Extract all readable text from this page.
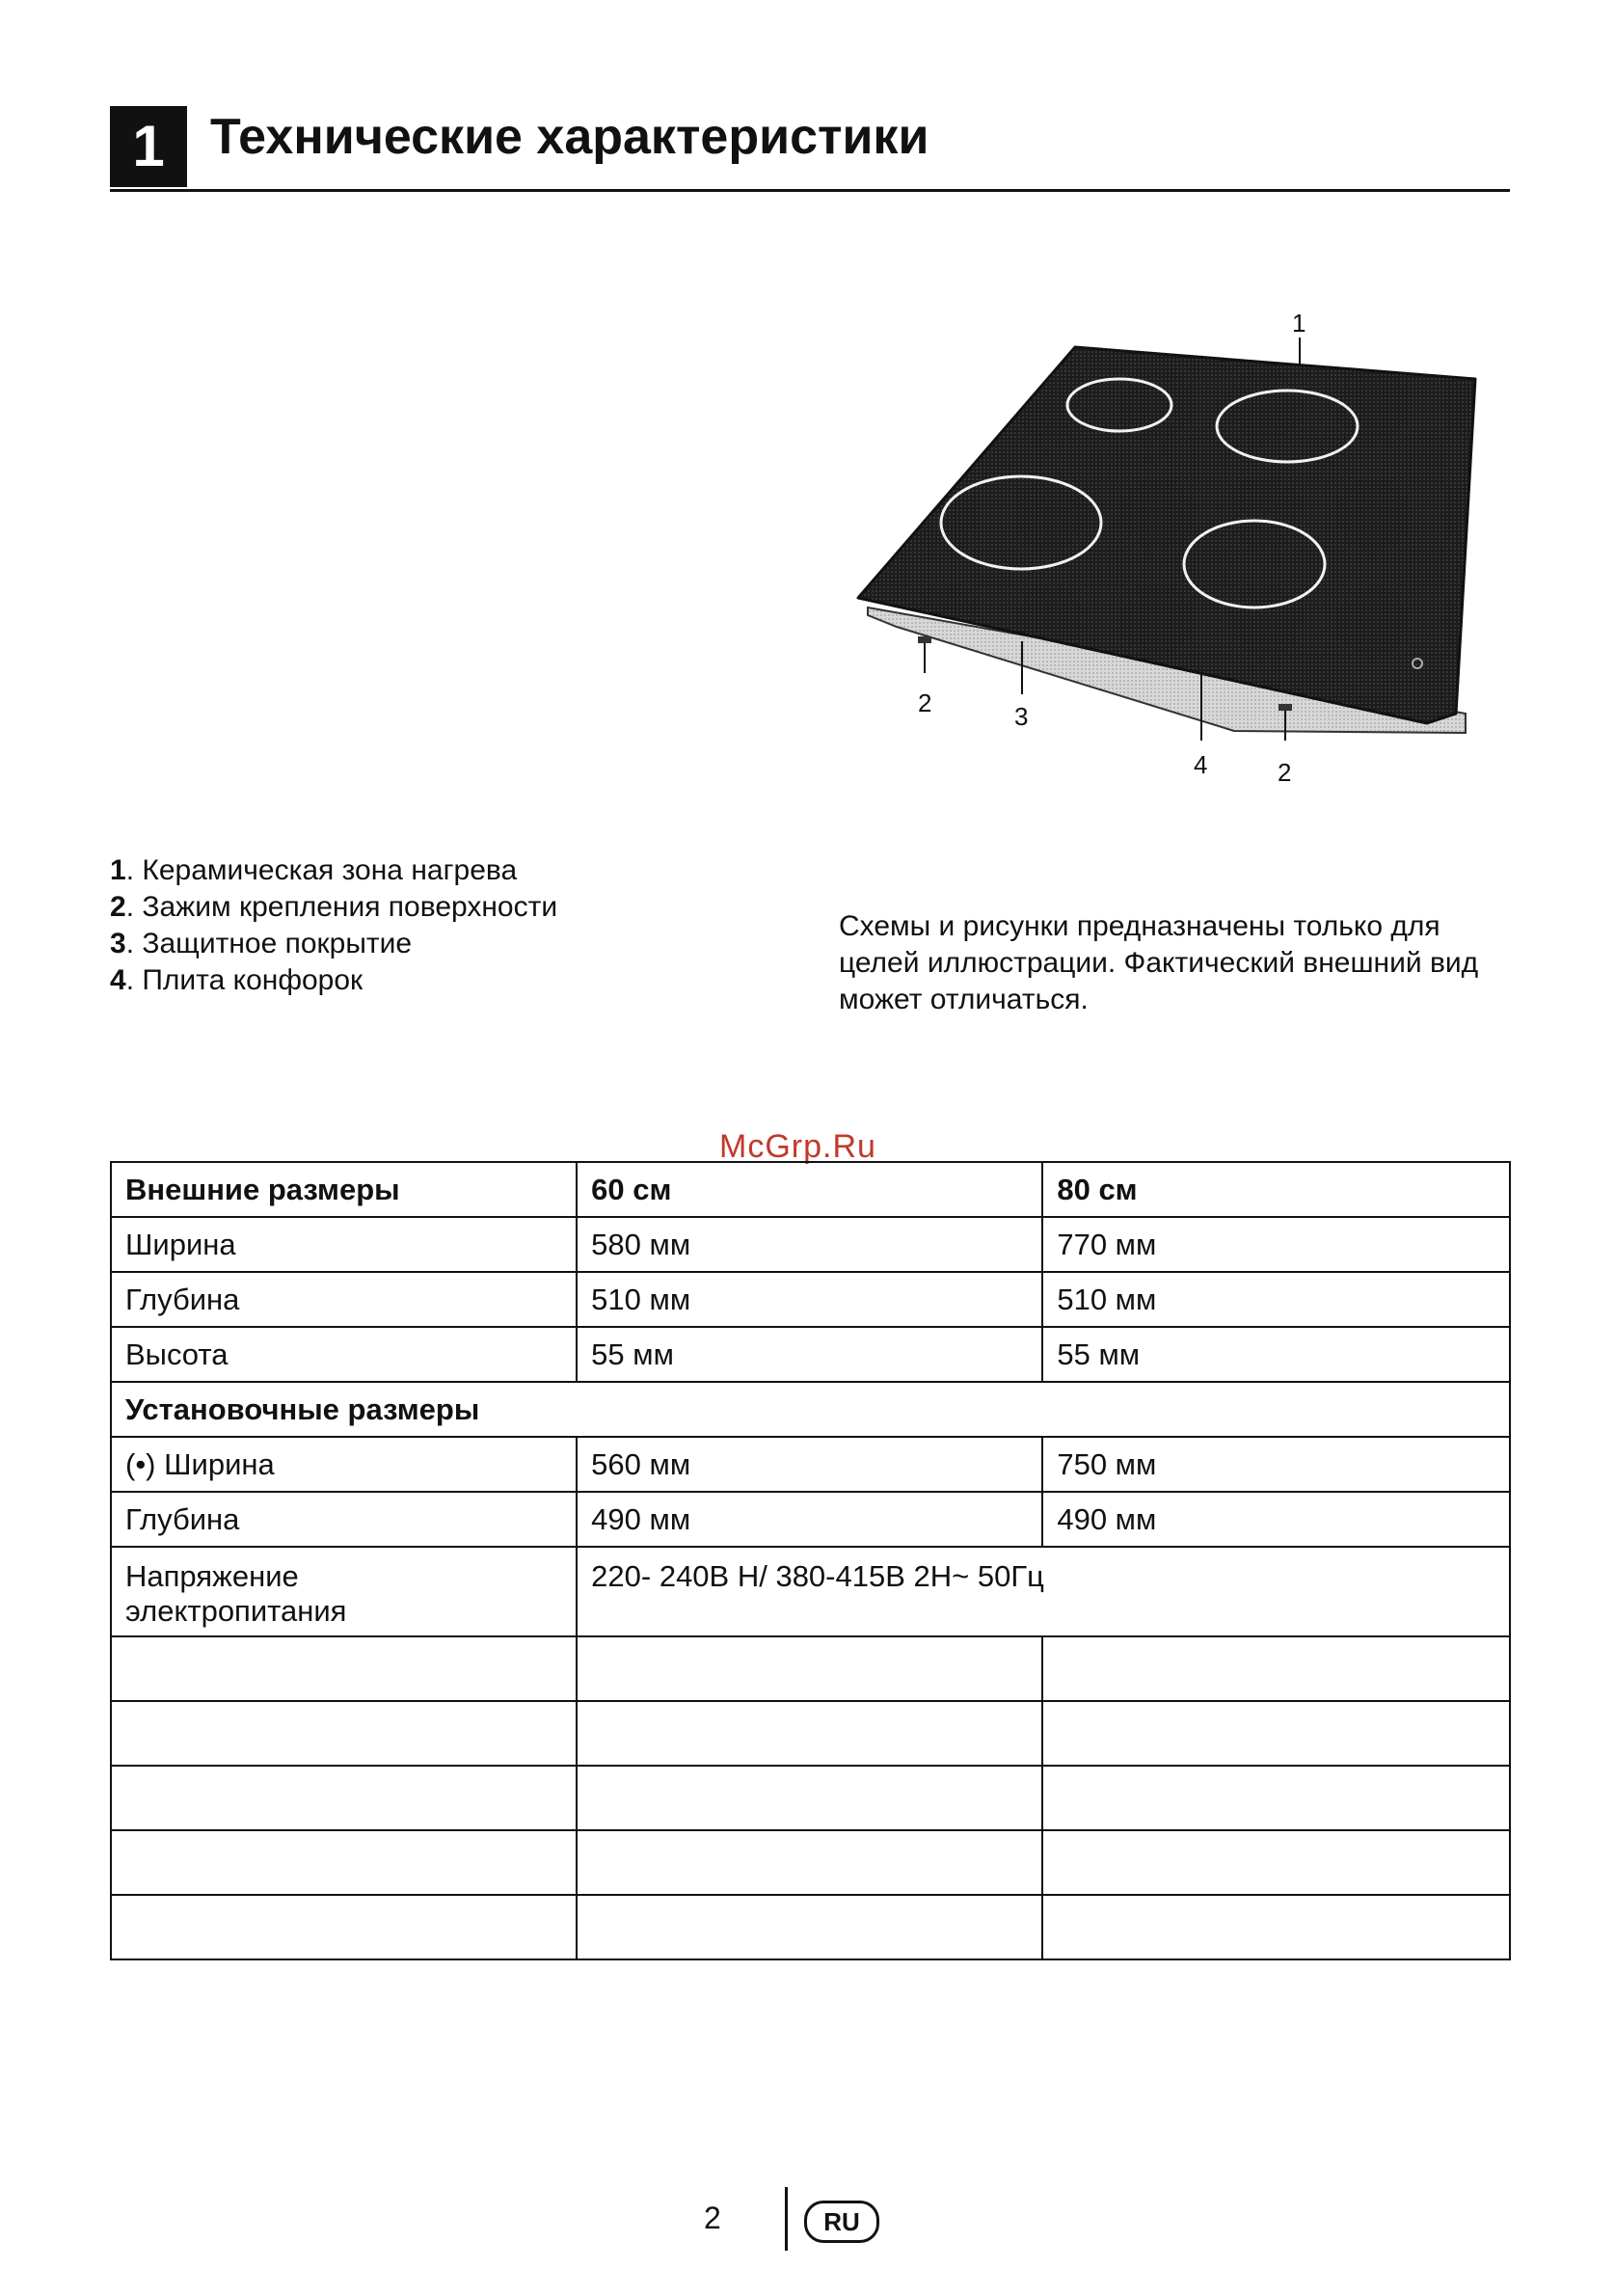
1 Технические характеристики
1
2	3
4	2
1. Керамическая зона нагрева
2. Зажим крепления поверхности
3. Защитное покрытие
4. Плита конфорок
Схемы и рисунки предназначены только для целей иллюстрации. Фактический внешний вид может отличаться.
McGrp.Ru
Внешние размеры	60 см	80 см
Ширина	580 мм	770 мм
Глубина	510 мм	510 мм
Высота	55 мм	55 мм
Установочные размеры		
(•) Ширина	560 мм	750 мм
Глубина	490 мм	490 мм

Напряжение
электропитания	220- 240В Н/ 380-415В 2Н~ 50Гц	

2	RU
